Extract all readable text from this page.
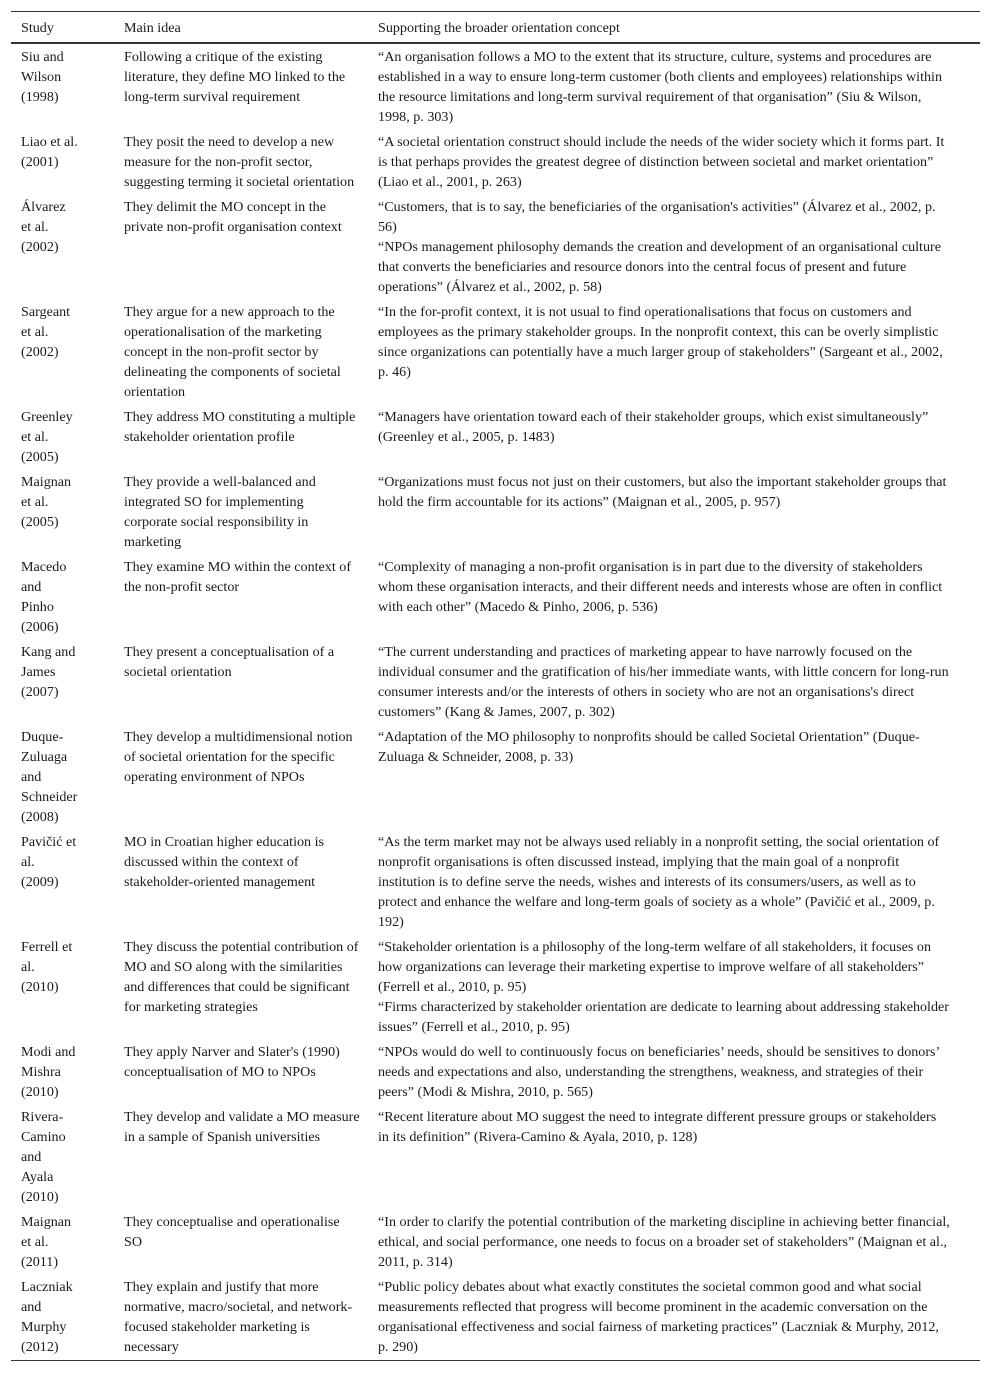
Study	Main idea	Supporting the broader orientation concept
Siu and
Wilson
(1998)
Following a critique of the existing literature, they define MO linked to the long-term survival requirement
“An organisation follows a MO to the extent that its structure, culture, systems and procedures are established in a way to ensure long-term customer (both clients and employees) relationships within the resource limitations and long-term survival requirement of that organisation” (Siu & Wilson, 1998, p. 303)
Liao et al.
(2001)
They posit the need to develop a new measure for the non-profit sector, suggesting terming it societal orientation
“A societal orientation construct should include the needs of the wider society which it forms part. It is that perhaps provides the greatest degree of distinction between societal and market orientation” (Liao et al., 2001, p. 263)
Álvarez
et al.
(2002)
They delimit the MO concept in the private non-profit organisation context
“Customers, that is to say, the beneficiaries of the organisation's activities” (Álvarez et al., 2002, p. 56)
“NPOs management philosophy demands the creation and development of an organisational culture that converts the beneficiaries and resource donors into the central focus of present and future operations” (Álvarez et al., 2002, p. 58)
Sargeant
et al.
(2002)
They argue for a new approach to the operationalisation of the marketing concept in the non-profit sector by delineating the components of societal orientation
“In the for-profit context, it is not usual to find operationalisations that focus on customers and employees as the primary stakeholder groups. In the nonprofit context, this can be overly simplistic since organizations can potentially have a much larger group of stakeholders” (Sargeant et al., 2002, p. 46)
Greenley
et al.
(2005)
They address MO constituting a multiple stakeholder orientation profile
“Managers have orientation toward each of their stakeholder groups, which exist simultaneously” (Greenley et al., 2005, p. 1483)
Maignan
et al.
(2005)
They provide a well-balanced and integrated SO for implementing corporate social responsibility in marketing
“Organizations must focus not just on their customers, but also the important stakeholder groups that hold the firm accountable for its actions” (Maignan et al., 2005, p. 957)
Macedo
and
Pinho
(2006)
They examine MO within the context of the non-profit sector
“Complexity of managing a non-profit organisation is in part due to the diversity of stakeholders whom these organisation interacts, and their different needs and interests whose are often in conflict with each other” (Macedo & Pinho, 2006, p. 536)
Kang and
James
(2007)
They present a conceptualisation of a societal orientation
“The current understanding and practices of marketing appear to have narrowly focused on the individual consumer and the gratification of his/her immediate wants, with little concern for long-run consumer interests and/or the interests of others in society who are not an organisations's direct customers” (Kang & James, 2007, p. 302)
Duque-
Zuluaga
and
Schneider
(2008)
They develop a multidimensional notion of societal orientation for the specific operating environment of NPOs
“Adaptation of the MO philosophy to nonprofits should be called Societal Orientation” (Duque-Zuluaga & Schneider, 2008, p. 33)
Pavičić et
al.
(2009)
MO in Croatian higher education is discussed within the context of stakeholder-oriented management
“As the term market may not be always used reliably in a nonprofit setting, the social orientation of nonprofit organisations is often discussed instead, implying that the main goal of a nonprofit institution is to define serve the needs, wishes and interests of its consumers/users, as well as to protect and enhance the welfare and long-term goals of society as a whole” (Pavičić et al., 2009, p. 192)
Ferrell et
al.
(2010)
They discuss the potential contribution of MO and SO along with the similarities and differences that could be significant for marketing strategies
“Stakeholder orientation is a philosophy of the long-term welfare of all stakeholders, it focuses on how organizations can leverage their marketing expertise to improve welfare of all stakeholders” (Ferrell et al., 2010, p. 95)
“Firms characterized by stakeholder orientation are dedicate to learning about addressing stakeholder issues” (Ferrell et al., 2010, p. 95)
Modi and
Mishra
(2010)
They apply Narver and Slater's (1990) conceptualisation of MO to NPOs
“NPOs would do well to continuously focus on beneficiaries’ needs, should be sensitives to donors’ needs and expectations and also, understanding the strengthens, weakness, and strategies of their peers” (Modi & Mishra, 2010, p. 565)
Rivera-
Camino
and
Ayala
(2010)
They develop and validate a MO measure in a sample of Spanish universities
“Recent literature about MO suggest the need to integrate different pressure groups or stakeholders in its definition” (Rivera-Camino & Ayala, 2010, p. 128)
Maignan
et al.
(2011)
They conceptualise and operationalise SO
“In order to clarify the potential contribution of the marketing discipline in achieving better financial, ethical, and social performance, one needs to focus on a broader set of stakeholders” (Maignan et al., 2011, p. 314)
Laczniak
and
Murphy
(2012)
They explain and justify that more normative, macro/societal, and network-focused stakeholder marketing is necessary
“Public policy debates about what exactly constitutes the societal common good and what social measurements reflected that progress will become prominent in the academic conversation on the organisational effectiveness and social fairness of marketing practices” (Laczniak & Murphy, 2012, p. 290)
